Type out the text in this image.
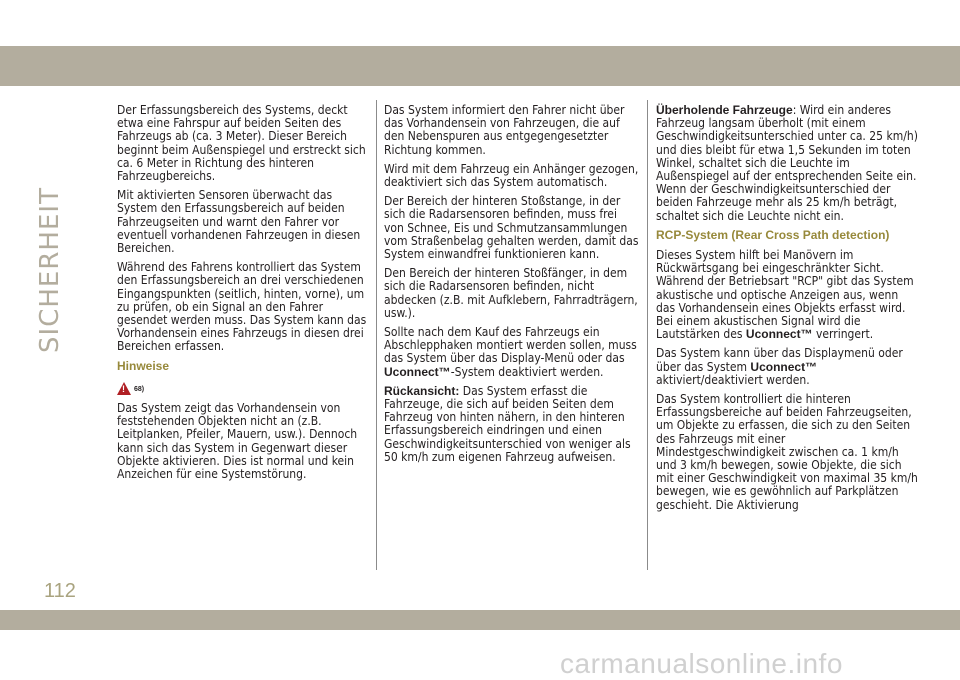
SICHERHEIT

Der Erfassungsbereich des Systems, deckt etwa eine Fahrspur auf beiden Seiten des Fahrzeugs ab (ca. 3 Meter). Dieser Bereich beginnt beim Außenspiegel und erstreckt sich ca. 6 Meter in Richtung des hinteren Fahrzeugbereichs.

Mit aktivierten Sensoren überwacht das System den Erfassungsbereich auf beiden Fahrzeugseiten und warnt den Fahrer vor eventuell vorhandenen Fahrzeugen in diesen Bereichen.

Während des Fahrens kontrolliert das System den Erfassungsbereich an drei verschiedenen Eingangspunkten (seitlich, hinten, vorne), um zu prüfen, ob ein Signal an den Fahrer gesendet werden muss. Das System kann das Vorhandensein eines Fahrzeugs in diesen drei Bereichen erfassen.

Hinweise
!
68)

Das System zeigt das Vorhandensein von feststehenden Objekten nicht an (z.B. Leitplanken, Pfeiler, Mauern, usw.). Dennoch kann sich das System in Gegenwart dieser Objekte aktivieren. Dies ist normal und kein Anzeichen für eine Systemstörung.

Das System informiert den Fahrer nicht über das Vorhandensein von Fahrzeugen, die auf den Nebenspuren aus entgegengesetzter Richtung kommen.

Wird mit dem Fahrzeug ein Anhänger gezogen, deaktiviert sich das System automatisch.

Der Bereich der hinteren Stoßstange, in der sich die Radarsensoren befinden, muss frei von Schnee, Eis und Schmutzansammlungen vom Straßenbelag gehalten werden, damit das System einwandfrei funktionieren kann.

Den Bereich der hinteren Stoßfänger, in dem sich die Radarsensoren befinden, nicht abdecken (z.B. mit Aufklebern, Fahrradträgern, usw.).

Sollte nach dem Kauf des Fahrzeugs ein Abschlepphaken montiert werden sollen, muss das System über das Display-Menü oder das Uconnect™-System deaktiviert werden.

Rückansicht: Das System erfasst die Fahrzeuge, die sich auf beiden Seiten dem Fahrzeug von hinten nähern, in den hinteren Erfassungsbereich eindringen und einen Geschwindigkeitsunterschied von weniger als 50 km/h zum eigenen Fahrzeug aufweisen.

Überholende Fahrzeuge: Wird ein anderes Fahrzeug langsam überholt (mit einem Geschwindigkeitsunterschied unter ca. 25 km/h) und dies bleibt für etwa 1,5 Sekunden im toten Winkel, schaltet sich die Leuchte im Außenspiegel auf der entsprechenden Seite ein. Wenn der Geschwindigkeitsunterschied der beiden Fahrzeuge mehr als 25 km/h beträgt, schaltet sich die Leuchte nicht ein.

RCP-System (Rear Cross Path detection)

Dieses System hilft bei Manövern im Rückwärtsgang bei eingeschränkter Sicht. Während der Betriebsart "RCP" gibt das System akustische und optische Anzeigen aus, wenn das Vorhandensein eines Objekts erfasst wird. Bei einem akustischen Signal wird die Lautstärken des Uconnect™ verringert.

Das System kann über das Displaymenü oder über das System Uconnect™ aktiviert/deaktiviert werden.

Das System kontrolliert die hinteren Erfassungsbereiche auf beiden Fahrzeugseiten, um Objekte zu erfassen, die sich zu den Seiten des Fahrzeugs mit einer Mindestgeschwindigkeit zwischen ca. 1 km/h und 3 km/h bewegen, sowie Objekte, die sich mit einer Geschwindigkeit von maximal 35 km/h bewegen, wie es gewöhnlich auf Parkplätzen geschieht. Die Aktivierung

112
carmanualsonline.info
